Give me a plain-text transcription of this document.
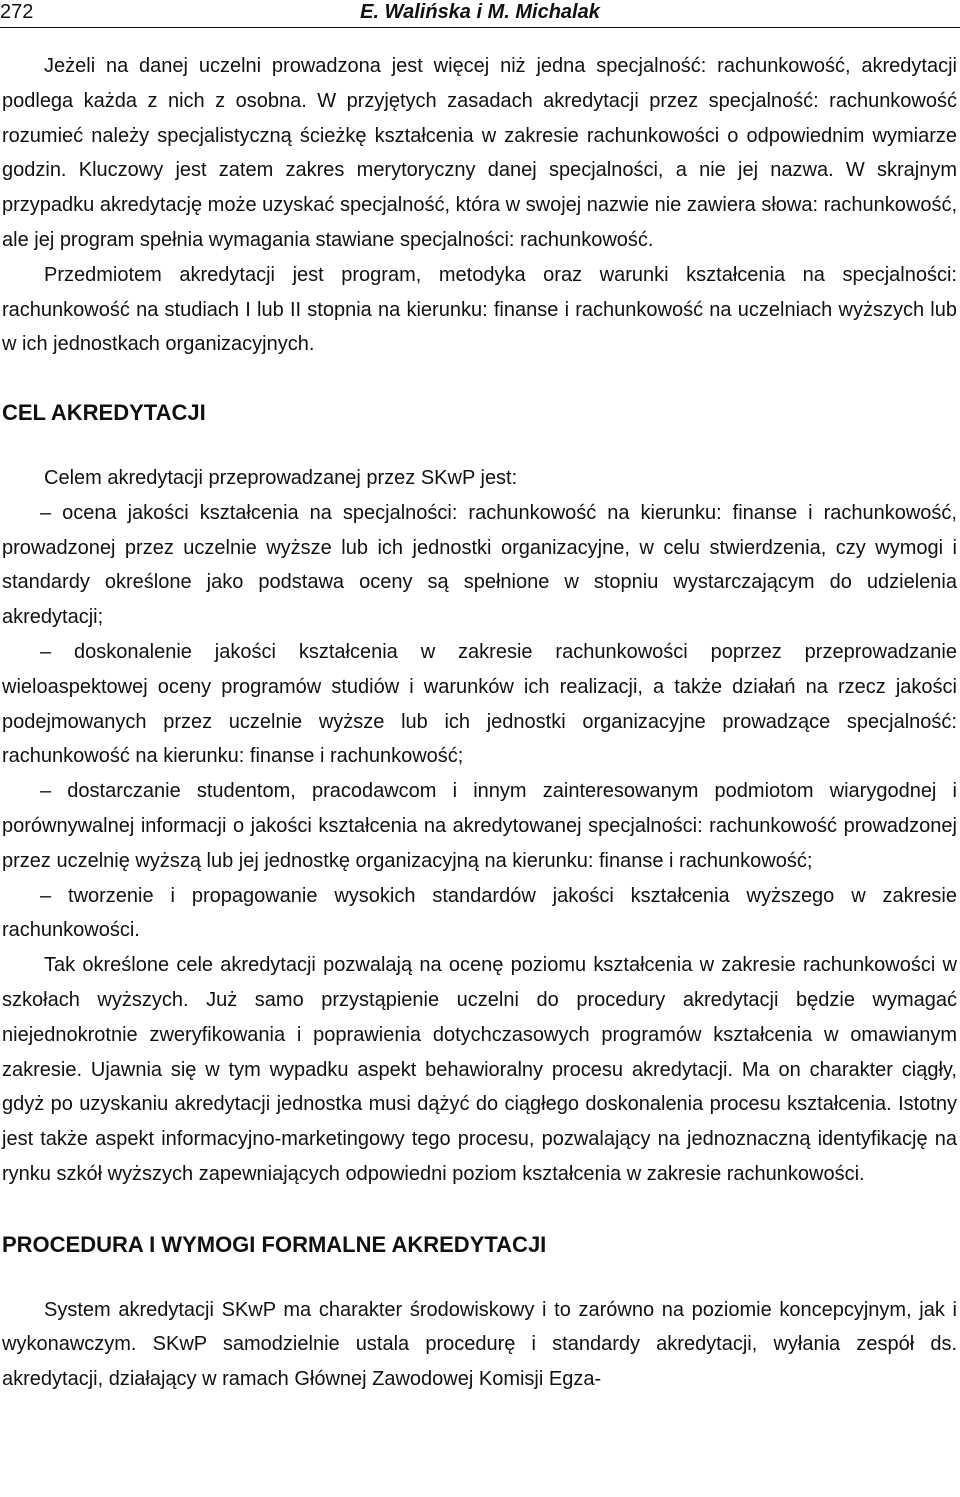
272	E. Walińska i M. Michalak

Jeżeli na danej uczelni prowadzona jest więcej niż jedna specjalność: rachunkowość, akredytacji podlega każda z nich z osobna. W przyjętych zasadach akredytacji przez specjalność: rachunkowość rozumieć należy specjalistyczną ścieżkę kształcenia w zakresie rachunkowości o odpowiednim wymiarze godzin. Kluczowy jest zatem zakres merytoryczny danej specjalności, a nie jej nazwa. W skrajnym przypadku akredytację może uzyskać specjalność, która w swojej nazwie nie zawiera słowa: rachunkowość, ale jej program spełnia wymagania stawiane specjalności: rachunkowość.

Przedmiotem akredytacji jest program, metodyka oraz warunki kształcenia na specjalności: rachunkowość na studiach I lub II stopnia na kierunku: finanse i rachunkowość na uczelniach wyższych lub w ich jednostkach organizacyjnych.

CEL AKREDYTACJI

Celem akredytacji przeprowadzanej przez SKwP jest:

– ocena jakości kształcenia na specjalności: rachunkowość na kierunku: finanse i rachunkowość, prowadzonej przez uczelnie wyższe lub ich jednostki organizacyjne, w celu stwierdzenia, czy wymogi i standardy określone jako podstawa oceny są spełnione w stopniu wystarczającym do udzielenia akredytacji;

– doskonalenie jakości kształcenia w zakresie rachunkowości poprzez przeprowadzanie wieloaspektowej oceny programów studiów i warunków ich realizacji, a także działań na rzecz jakości podejmowanych przez uczelnie wyższe lub ich jednostki organizacyjne prowadzące specjalność: rachunkowość na kierunku: finanse i rachunkowość;

– dostarczanie studentom, pracodawcom i innym zainteresowanym podmiotom wiarygodnej i porównywalnej informacji o jakości kształcenia na akredytowanej specjalności: rachunkowość prowadzonej przez uczelnię wyższą lub jej jednostkę organizacyjną na kierunku: finanse i rachunkowość;

– tworzenie i propagowanie wysokich standardów jakości kształcenia wyższego w zakresie rachunkowości.

Tak określone cele akredytacji pozwalają na ocenę poziomu kształcenia w zakresie rachunkowości w szkołach wyższych. Już samo przystąpienie uczelni do procedury akredytacji będzie wymagać niejednokrotnie zweryfikowania i poprawienia dotychczasowych programów kształcenia w omawianym zakresie. Ujawnia się w tym wypadku aspekt behawioralny procesu akredytacji. Ma on charakter ciągły, gdyż po uzyskaniu akredytacji jednostka musi dążyć do ciągłego doskonalenia procesu kształcenia. Istotny jest także aspekt informacyjno-marketingowy tego procesu, pozwalający na jednoznaczną identyfikację na rynku szkół wyższych zapewniających odpowiedni poziom kształcenia w zakresie rachunkowości.

PROCEDURA I WYMOGI FORMALNE AKREDYTACJI

System akredytacji SKwP ma charakter środowiskowy i to zarówno na poziomie koncepcyjnym, jak i wykonawczym. SKwP samodzielnie ustala procedurę i standardy akredytacji, wyłania zespół ds. akredytacji, działający w ramach Głównej Zawodowej Komisji Egza-
